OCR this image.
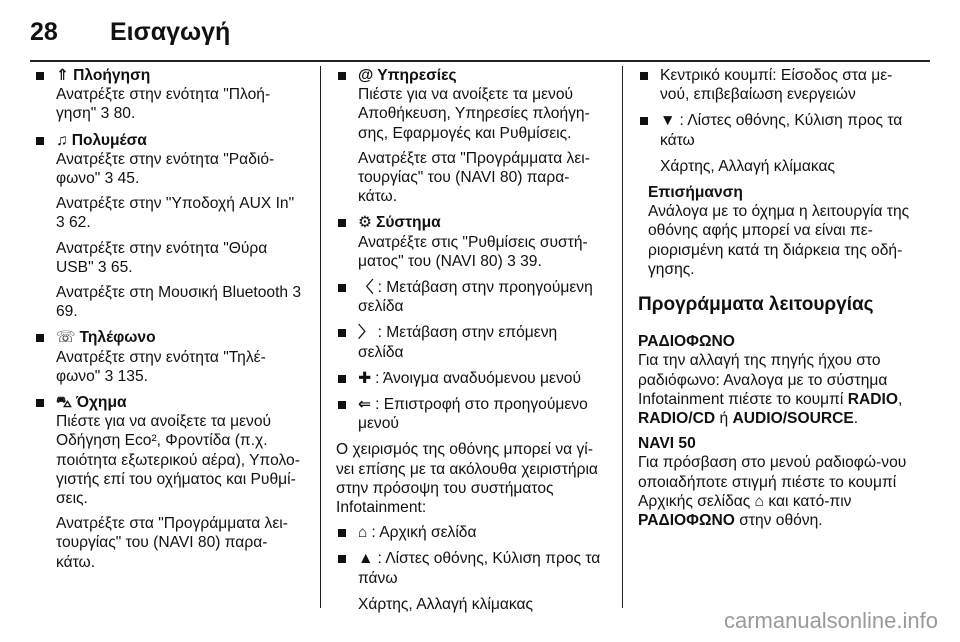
28 Εισαγωγή
⇑ Πλοήγηση

Ανατρέξτε στην ενότητα "Πλοή-γηση" 3 80.

♫ Πολυμέσα

Ανατρέξτε στην ενότητα "Ραδιό-φωνο" 3 45.

Ανατρέξτε στην "Υποδοχή AUX In" 3 62.

Ανατρέξτε στην ενότητα "Θύρα USB" 3 65.

Ανατρέξτε στη Μουσική Bluetooth 3 69.

☏ Τηλέφωνο

Ανατρέξτε στην ενότητα "Τηλέ-φωνο" 3 135.

⛍ Όχημα

Πιέστε για να ανοίξετε τα μενού Οδήγηση Eco², Φροντίδα (π.χ. ποιότητα εξωτερικού αέρα), Υπολο-γιστής επί του οχήματος και Ρυθμί-σεις.

Ανατρέξτε στα "Προγράμματα λει-τουργίας" του (NAVI 80) παρα-κάτω.

@ Υπηρεσίες

Πιέστε για να ανοίξετε τα μενού Αποθήκευση, Υπηρεσίες πλοήγη-σης, Εφαρμογές και Ρυθμίσεις.

Ανατρέξτε στα "Προγράμματα λει-τουργίας" του (NAVI 80) παρα-κάτω.

⚙ Σύστημα

Ανατρέξτε στις "Ρυθμίσεις συστή-ματος" του (NAVI 80) 3 39.

〈 : Μετάβαση στην προηγούμενη σελίδα
〉 : Μετάβαση στην επόμενη σελίδα
✚ : Άνοιγμα αναδυόμενου μενού
⇐ : Επιστροφή στο προηγούμενο μενού

Ο χειρισμός της οθόνης μπορεί να γί-νει επίσης με τα ακόλουθα χειριστήρια στην πρόσοψη του συστήματος Infotainment:

⌂ : Αρχική σελίδα
▲ : Λίστες οθόνης, Κύλιση προς τα πάνω
Χάρτης, Αλλαγή κλίμακας
Κεντρικό κουμπί: Είσοδος στα με-νού, επιβεβαίωση ενεργειών
▼ : Λίστες οθόνης, Κύλιση προς τα κάτω
Χάρτης, Αλλαγή κλίμακας
Επισήμανση
Ανάλογα με το όχημα η λειτουργία της οθόνης αφής μπορεί να είναι πε-ριορισμένη κατά τη διάρκεια της οδή-γησης.
Προγράμματα λειτουργίας
ΡΑΔΙΟΦΩΝΟ

Για την αλλαγή της πηγής ήχου στο ραδιόφωνο: Αναλογα με το σύστημα Infotainment πιέστε το κουμπί RADIO, RADIO/CD ή AUDIO/SOURCE.

NAVI 50

Για πρόσβαση στο μενού ραδιοφώ-νου οποιαδήποτε στιγμή πιέστε το κουμπί Αρχικής σελίδας ⌂ και κατό-πιν ΡΑΔΙΟΦΩΝΟ στην οθόνη.

carmanualsonline.info
